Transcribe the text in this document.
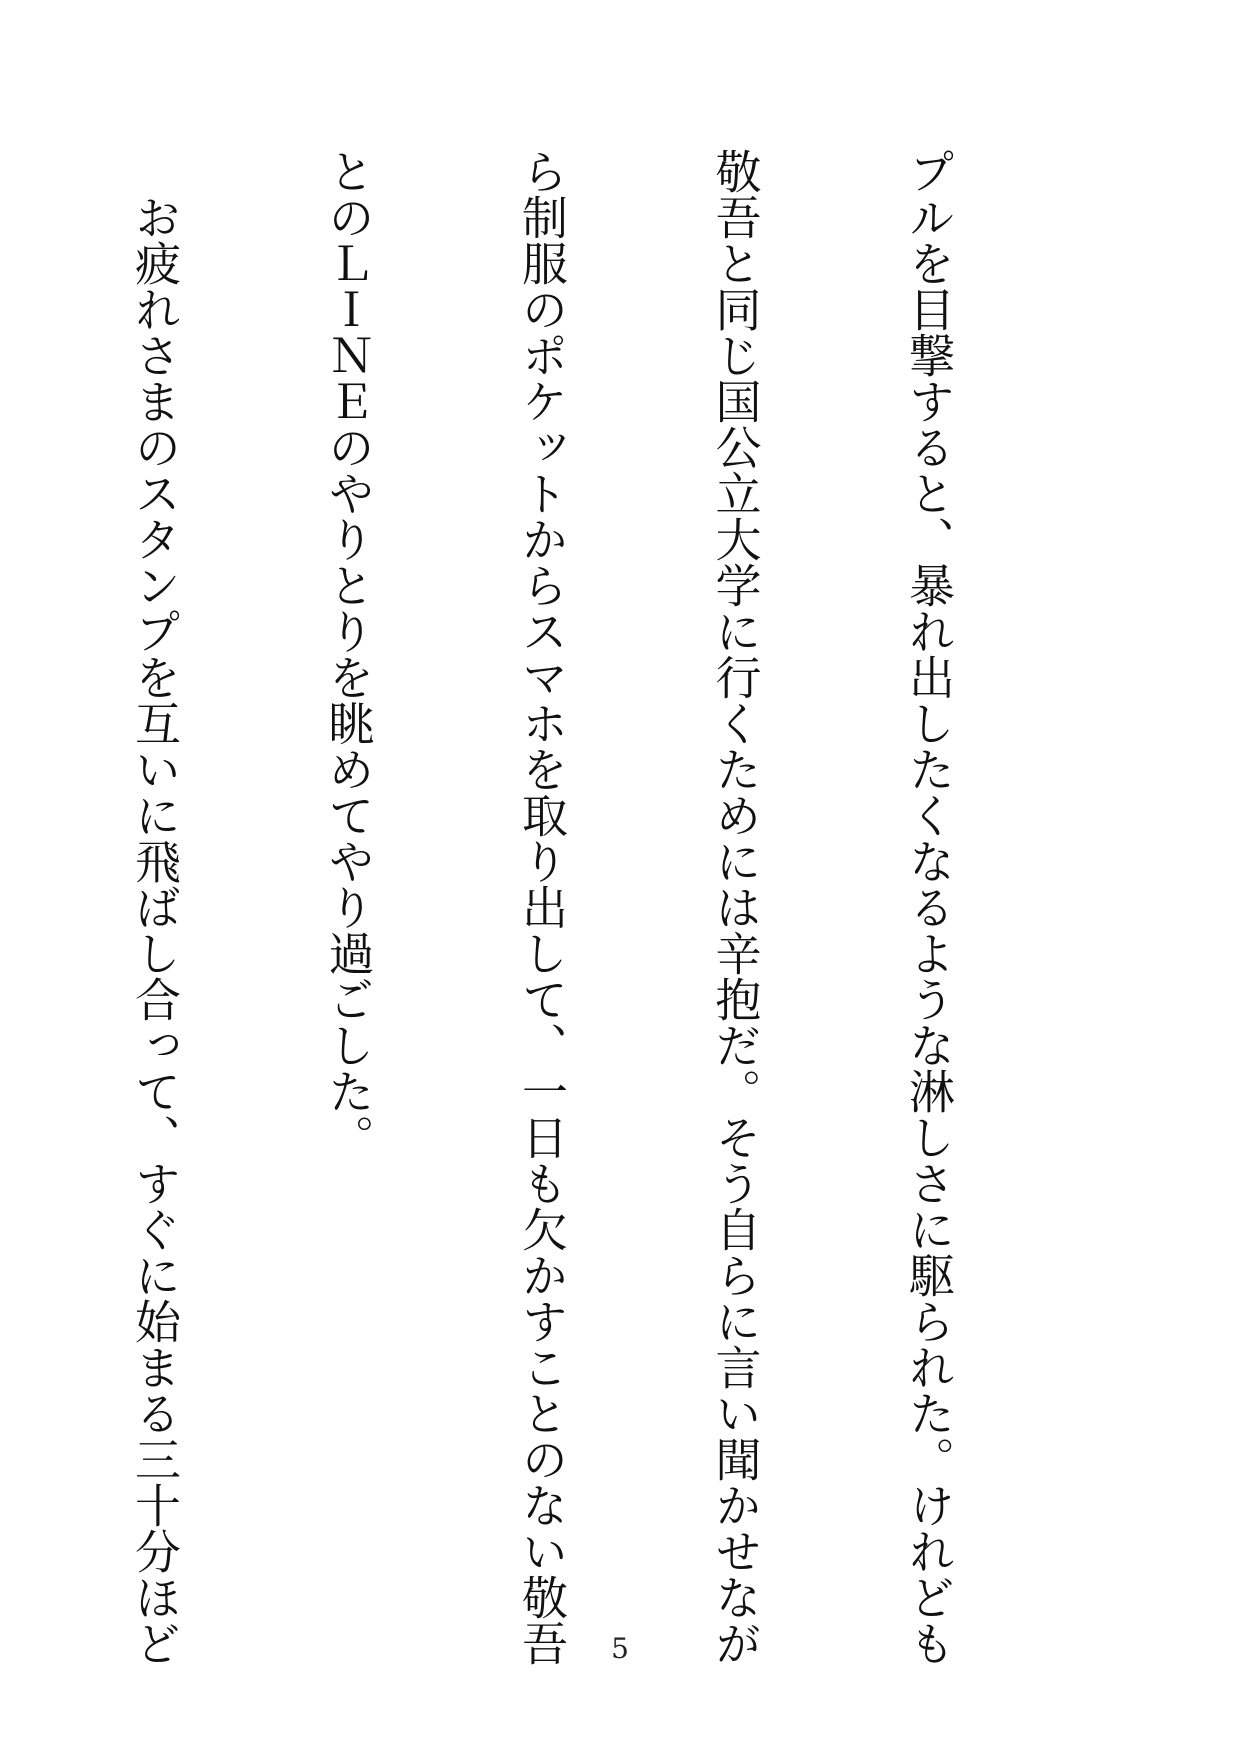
プルを目撃すると、暴れ出したくなるような淋しさに駆られた。けれども

敬吾と同じ国公立大学に行くためには辛抱だ。そう自らに言い聞かせなが

ら制服のポケットからスマホを取り出して、一日も欠かすことのない敬吾

とのＬＩＮＥのやりとりを眺めてやり過ごした。

お疲れさまのスタンプを互いに飛ばし合って、すぐに始まる三十分ほど

	5
